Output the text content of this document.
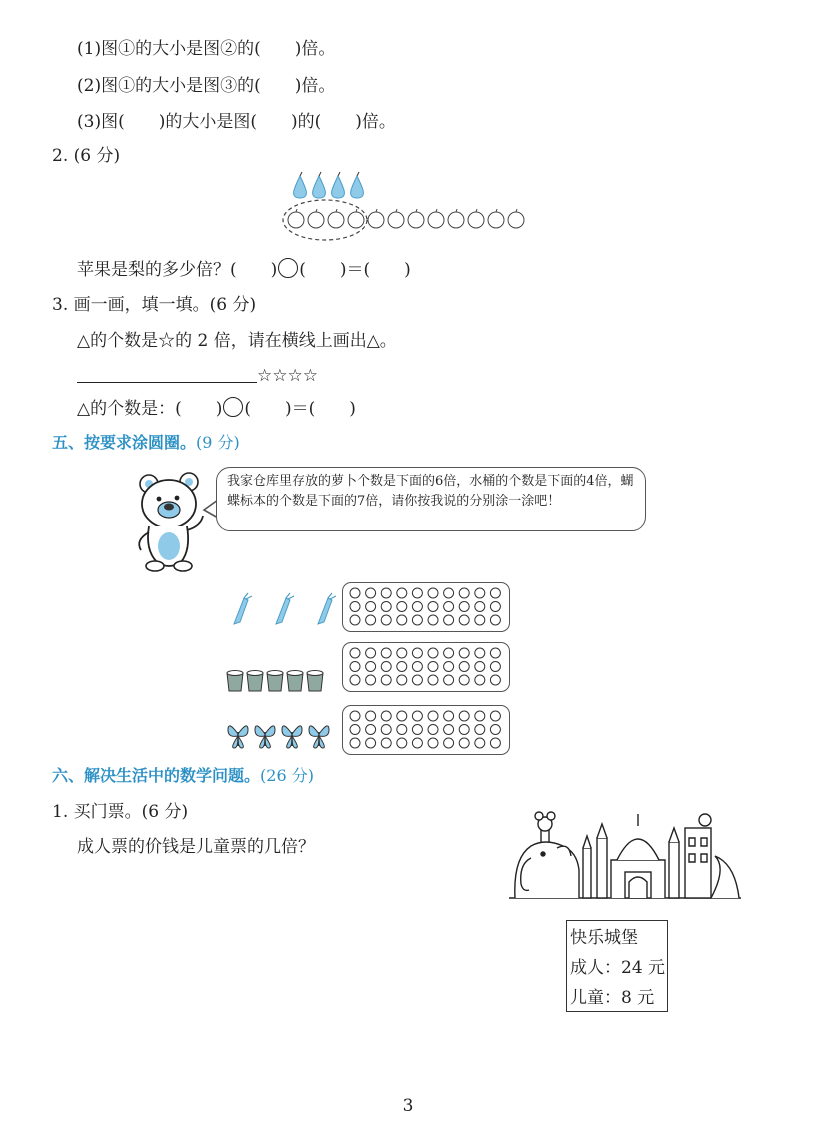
(1)图①的大小是图②的(　　)倍。
(2)图①的大小是图③的(　　)倍。
(3)图(　　)的大小是图(　　)的(　　)倍。
2. (6 分)
苹果是梨的多少倍？(　　) (　　)＝(　　)
3. 画一画，填一填。(6 分)
△的个数是☆的 2 倍，请在横线上画出△。
☆☆☆☆
△的个数是：(　　) (　　)＝(　　)
五、按要求涂圆圈。(9 分)
我家仓库里存放的萝卜个数是下面的6倍，水桶的个数是下面的4倍，蝴蝶标本的个数是下面的7倍，请你按我说的分别涂一涂吧！
六、解决生活中的数学问题。(26 分)
1. 买门票。(6 分)
成人票的价钱是儿童票的几倍？
快乐城堡
成人：24 元
儿童：8 元
3
